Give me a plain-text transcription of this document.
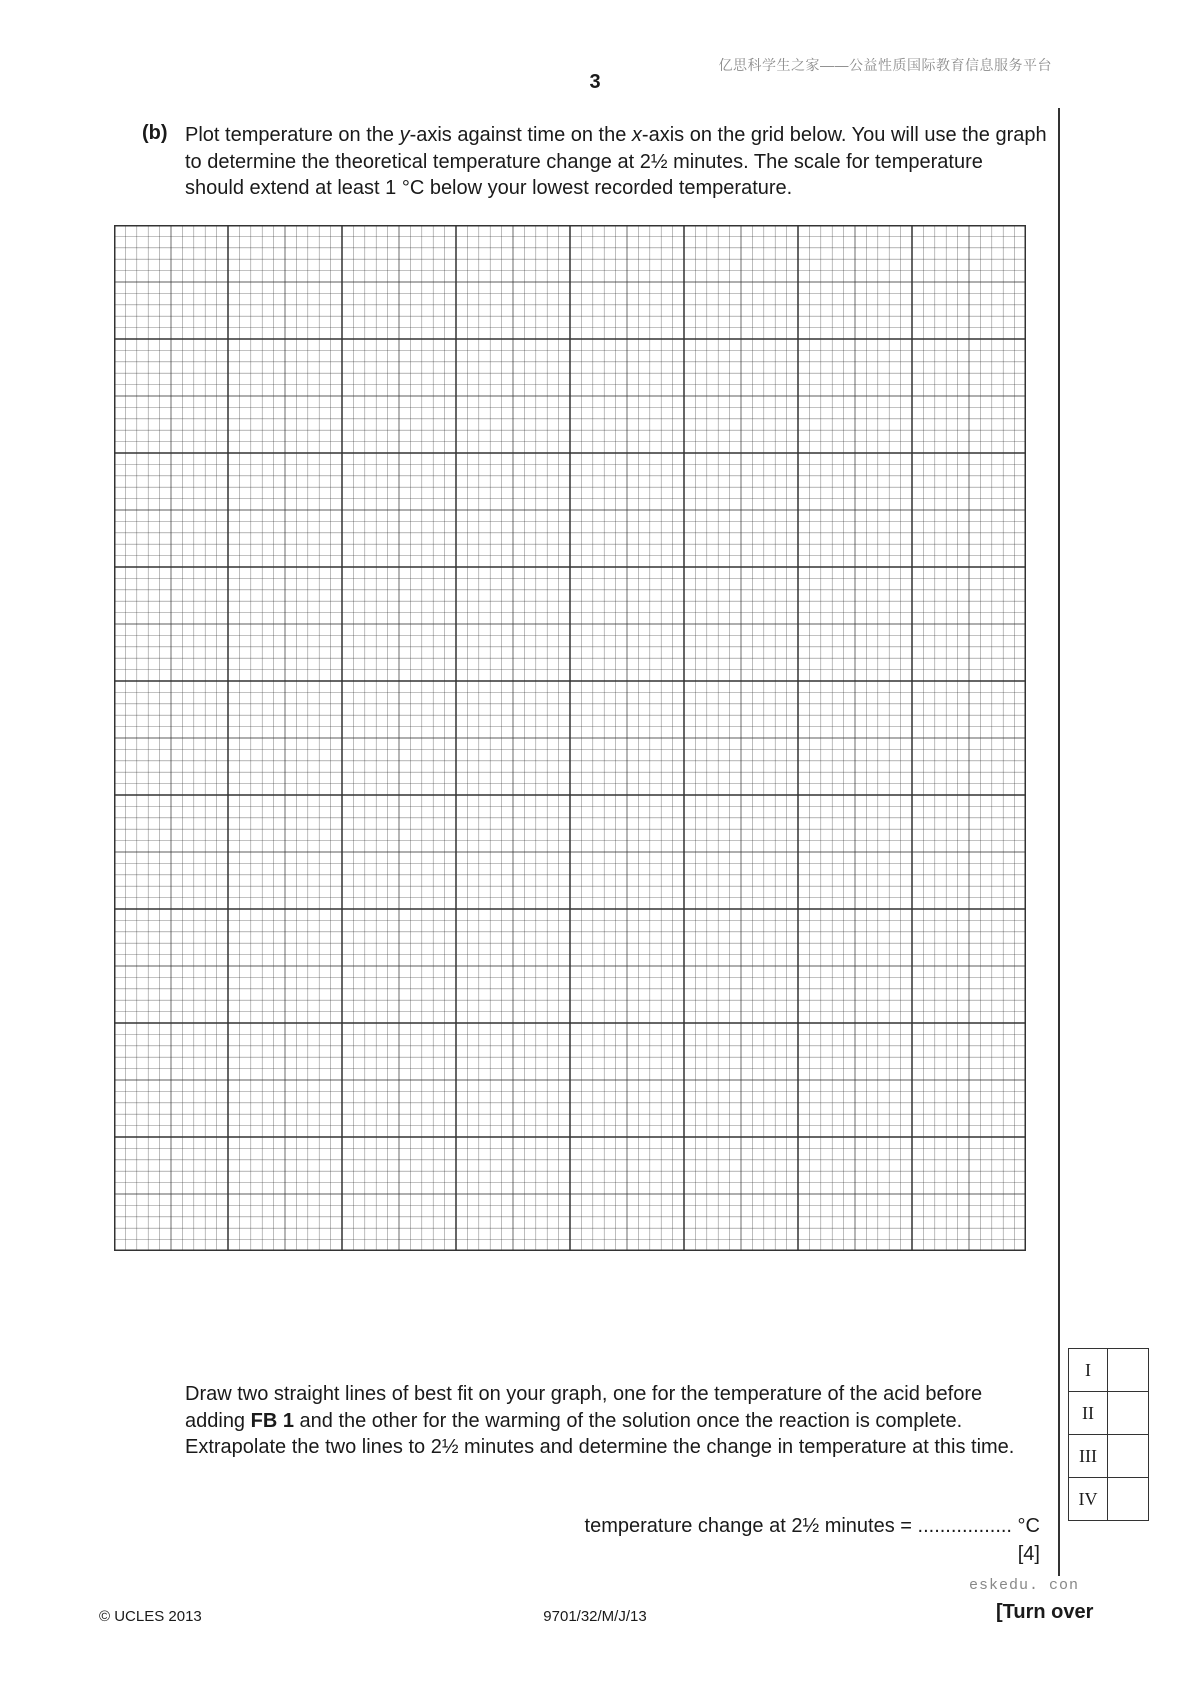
亿思科学生之家——公益性质国际教育信息服务平台
3
(b) Plot temperature on the y-axis against time on the x-axis on the grid below. You will use the graph to determine the theoretical temperature change at 2½ minutes. The scale for temperature should extend at least 1 °C below your lowest recorded temperature.
Draw two straight lines of best fit on your graph, one for the temperature of the acid before adding FB 1 and the other for the warming of the solution once the reaction is complete. Extrapolate the two lines to 2½ minutes and determine the change in temperature at this time.
temperature change at 2½ minutes = ................. °C
[4]
I	
II	
III	
IV	
eskedu. con
© UCLES 2013	9701/32/M/J/13	[Turn over
